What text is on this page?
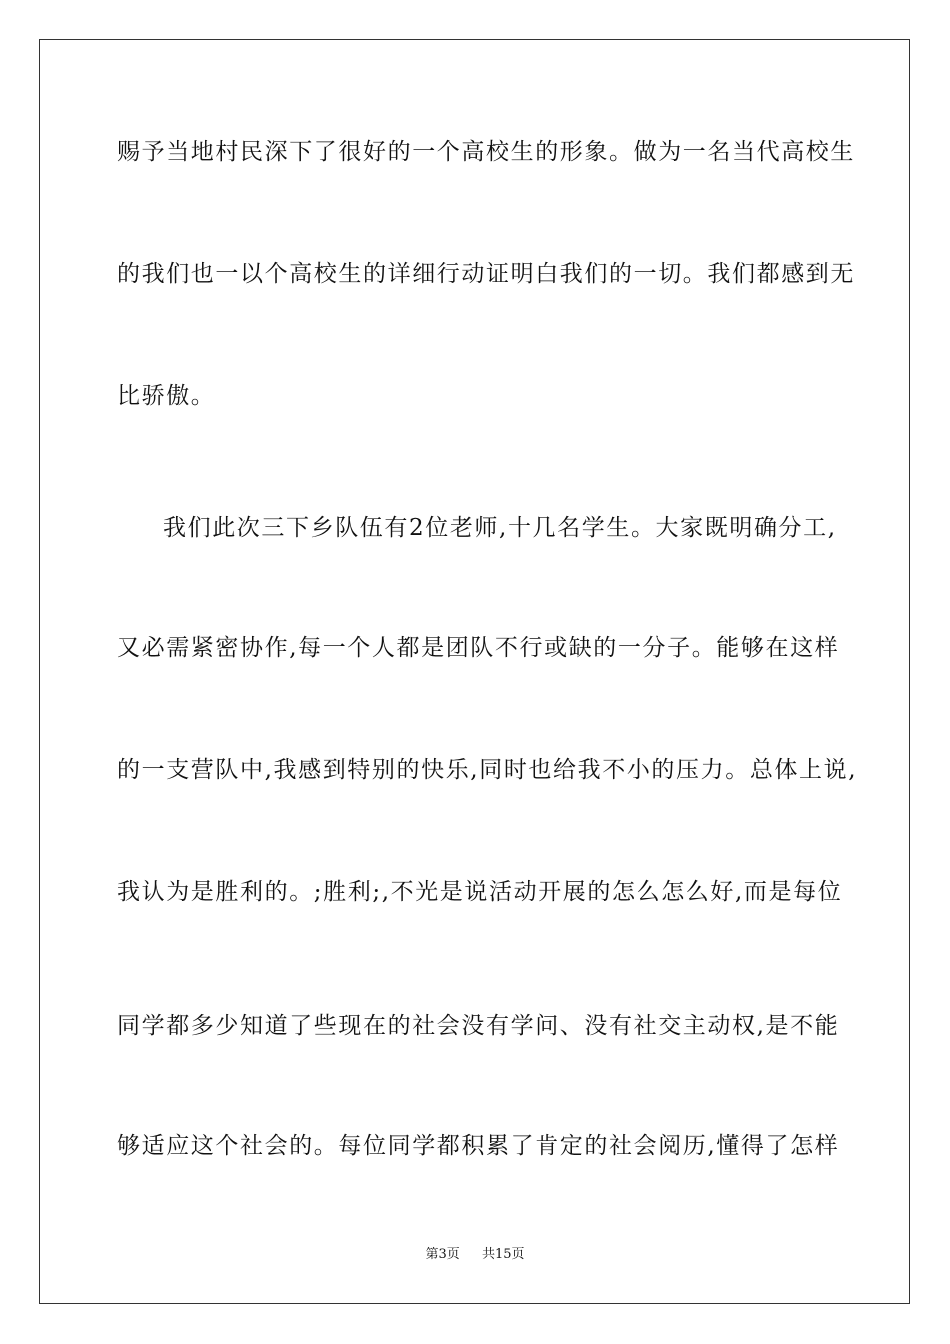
赐予当地村民深下了很好的一个高校生的形象。做为一名当代高校生
的我们也一以个高校生的详细行动证明白我们的一切。我们都感到无
比骄傲。
我们此次三下乡队伍有2位老师,十几名学生。大家既明确分工,
又必需紧密协作,每一个人都是团队不行或缺的一分子。能够在这样
的一支营队中,我感到特别的快乐,同时也给我不小的压力。总体上说,
我认为是胜利的。;胜利;,不光是说活动开展的怎么怎么好,而是每位
同学都多少知道了些现在的社会没有学问、没有社交主动权,是不能
够适应这个社会的。每位同学都积累了肯定的社会阅历,懂得了怎样
第3页 共15页
